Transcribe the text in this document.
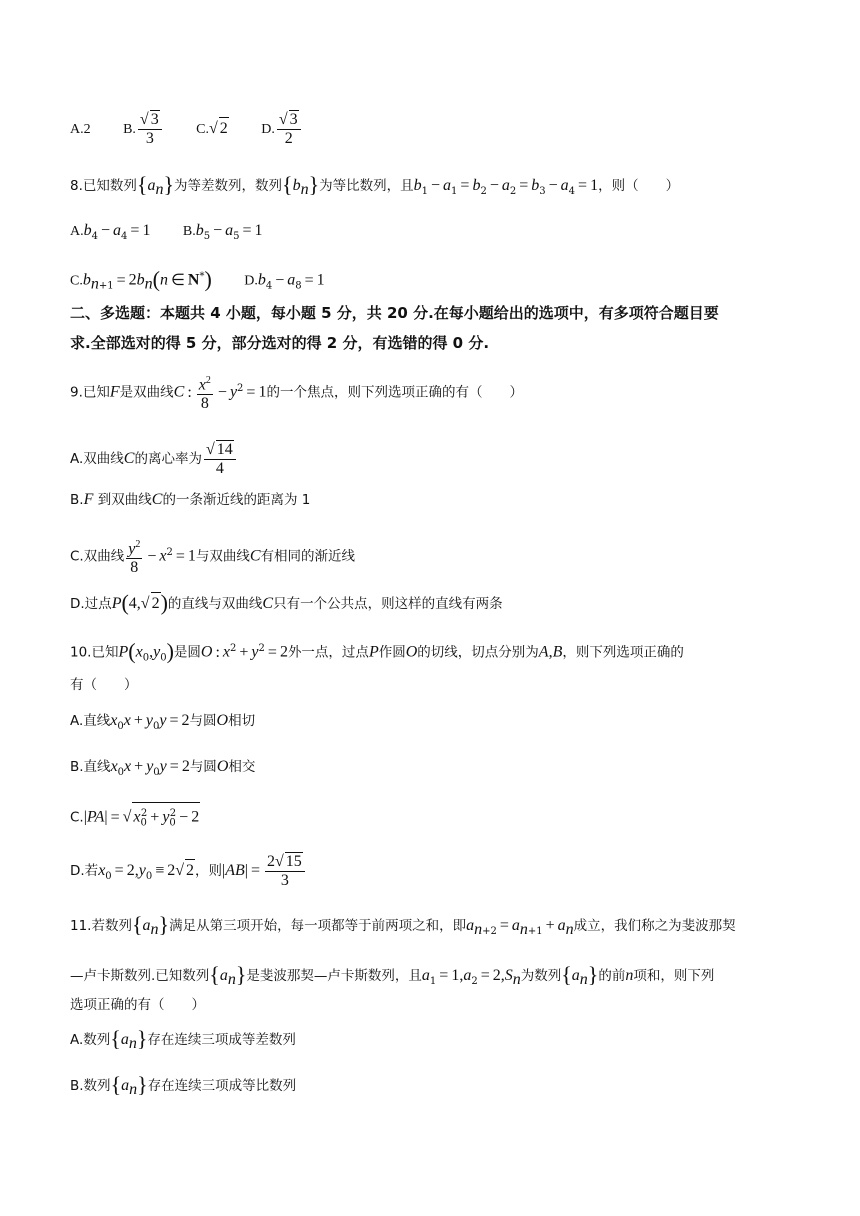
A.2 B. $\frac{√ 3}{3} C.√$ 2 D. $\frac{√ 3}{2}$
8.已知数列$\{a_n\}$为等差数列，数列$\{b_n\}$为等比数列，且$b_1 - a_1 = b_2 - a_2 = b_3 - a_4 = 1$，则（　　）
$A.b_4 - a_4 = 1$ $B.b_5 - a_5 = 1$
$C.b_{n+1} = 2b_n(n$ ∈ N*) $D.b_4 - a_8 = 1$
二、多选题：本题共 4 小题，每小题 5 分，共 20 分.在每小题给出的选项中，有多项符合题目要
求.全部选对的得 5 分，部分选对的得 2 分，有选错的得 0 分.
9.已知F是双曲线C : $\frac{x^2}{8} - y^2 = 1$的一个焦点，则下列选项正确的有（　　）
A.双曲线C的离心率为 $\frac{√ 14}{4}$
B.F 到双曲线C的一条渐近线的距离为 1
C.双曲线 $\frac{y^2}{8} - x^2 = 1$与双曲线C有相同的渐近线
D.过点P(4,√ 2)的直线与双曲线C只有一个公共点，则这样的直线有两条
10.已知$P(x_0,y_0)$是圆O : $x^2 + y^2 = 2$外一点，过点P作圆O的切线，切点分别为A,B，则下列选项正确的
有（　　）
A.直线$x_0x + y_0y = 2$与圆O相切
B.直线$x_0x + y_0y = 2$与圆O相交
C.|PA| = √ $x_0^2 + y_0^2 - 2$
D.若$x_0 = 2,y_0 \equiv 2√$ 2，则$|AB| = \frac{2√ 15}{3}$
11.若数列$\{a_n\}$满足从第三项开始，每一项都等于前两项之和，即$a_{n+2} = a_{n+1} + a_n$成立，我们称之为斐波那契
—卢卡斯数列.已知数列$\{a_n\}$是斐波那契—卢卡斯数列，且$a_1 = 1,a_2 = 2,S_n$为数列$\{a_n\}$的前n项和，则下列
选项正确的有（　　）
A.数列$\{a_n\}$存在连续三项成等差数列
B.数列$\{a_n\}$存在连续三项成等比数列
